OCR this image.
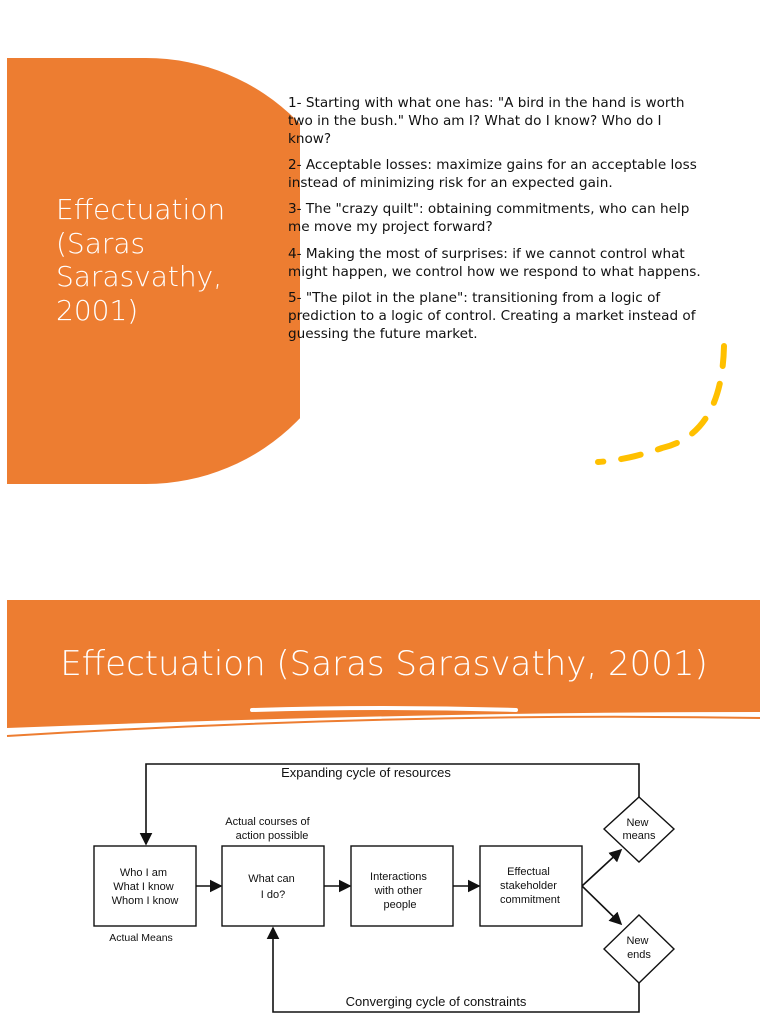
Effectuation (Saras Sarasvathy, 2001)
1- Starting with what one has: "A bird in the hand is worth two in the bush." Who am I? What do I know? Who do I know?
2- Acceptable losses: maximize gains for an acceptable loss instead of minimizing risk for an expected gain.
3- The "crazy quilt": obtaining commitments, who can help me move my project forward?
4- Making the most of surprises: if we cannot control what might happen, we control how we respond to what happens.
5- "The pilot in the plane": transitioning from a logic of prediction to a logic of control. Creating a market instead of guessing the future market.
Effectuation (Saras Sarasvathy, 2001)
Expanding cycle of resources
Who I am What I know Whom I know
Actual Means
Actual courses of action possible
What can I do?
Interactions with other people
Effectual stakeholder commitment
New means
New ends
Converging cycle of constraints
